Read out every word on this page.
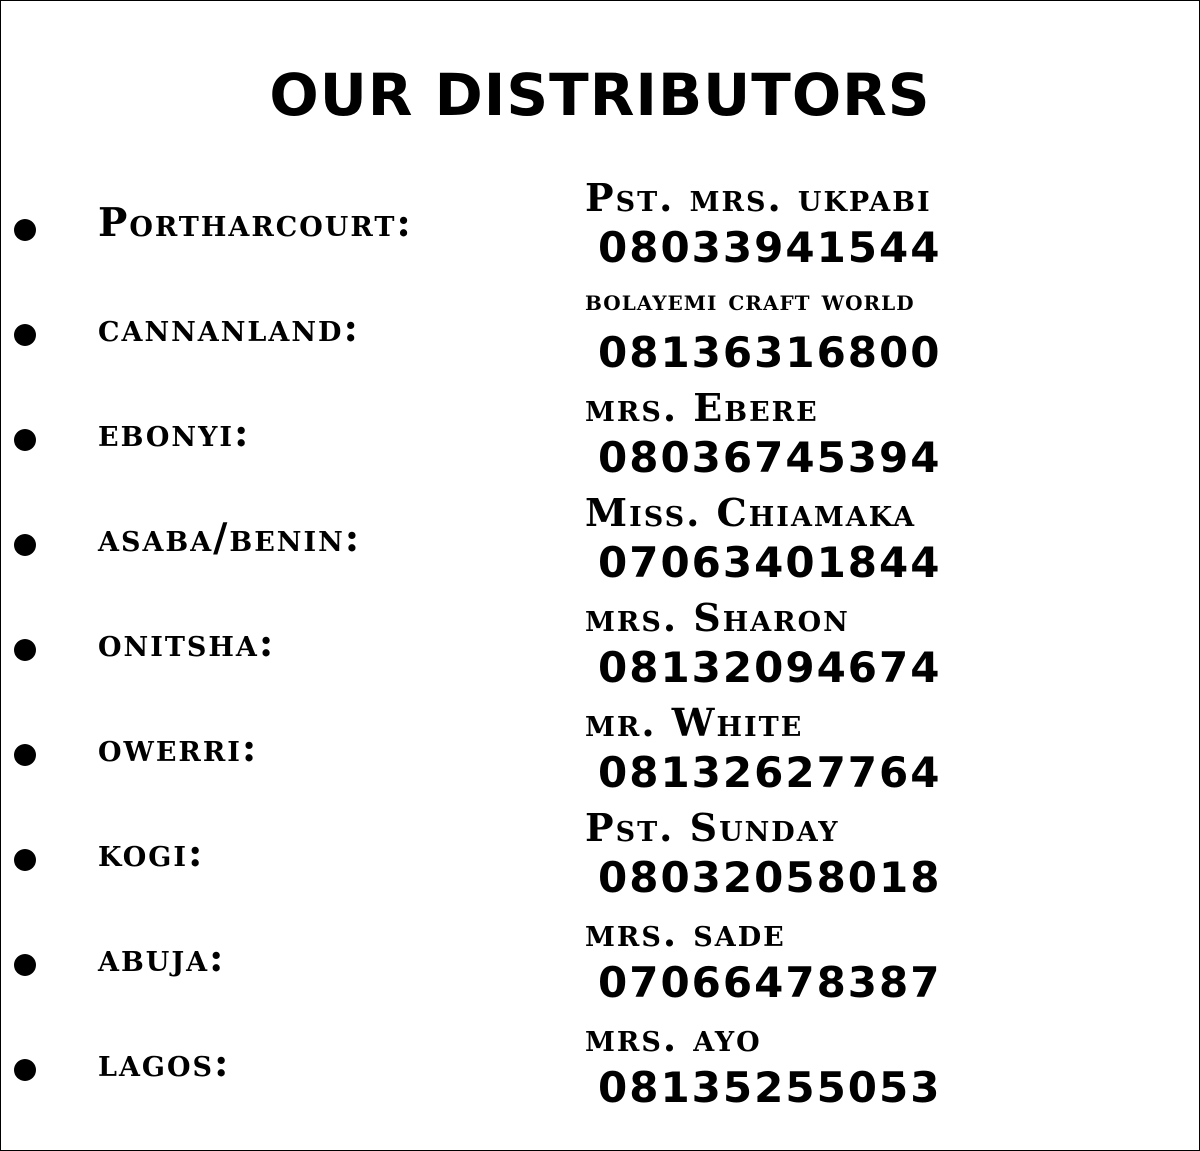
OUR DISTRIBUTORS
Portharcourt:
Pst. mrs. ukpabi
08033941544
cannanland:
bolayemi craft world
08136316800
ebonyi:
mrs. Ebere
08036745394
asaba/benin:
Miss. Chiamaka
07063401844
onitsha:
mrs. Sharon
08132094674
owerri:
mr. White
08132627764
kogi:
Pst. Sunday
08032058018
abuja:
mrs. sade
07066478387
lagos:
mrs. ayo
08135255053
